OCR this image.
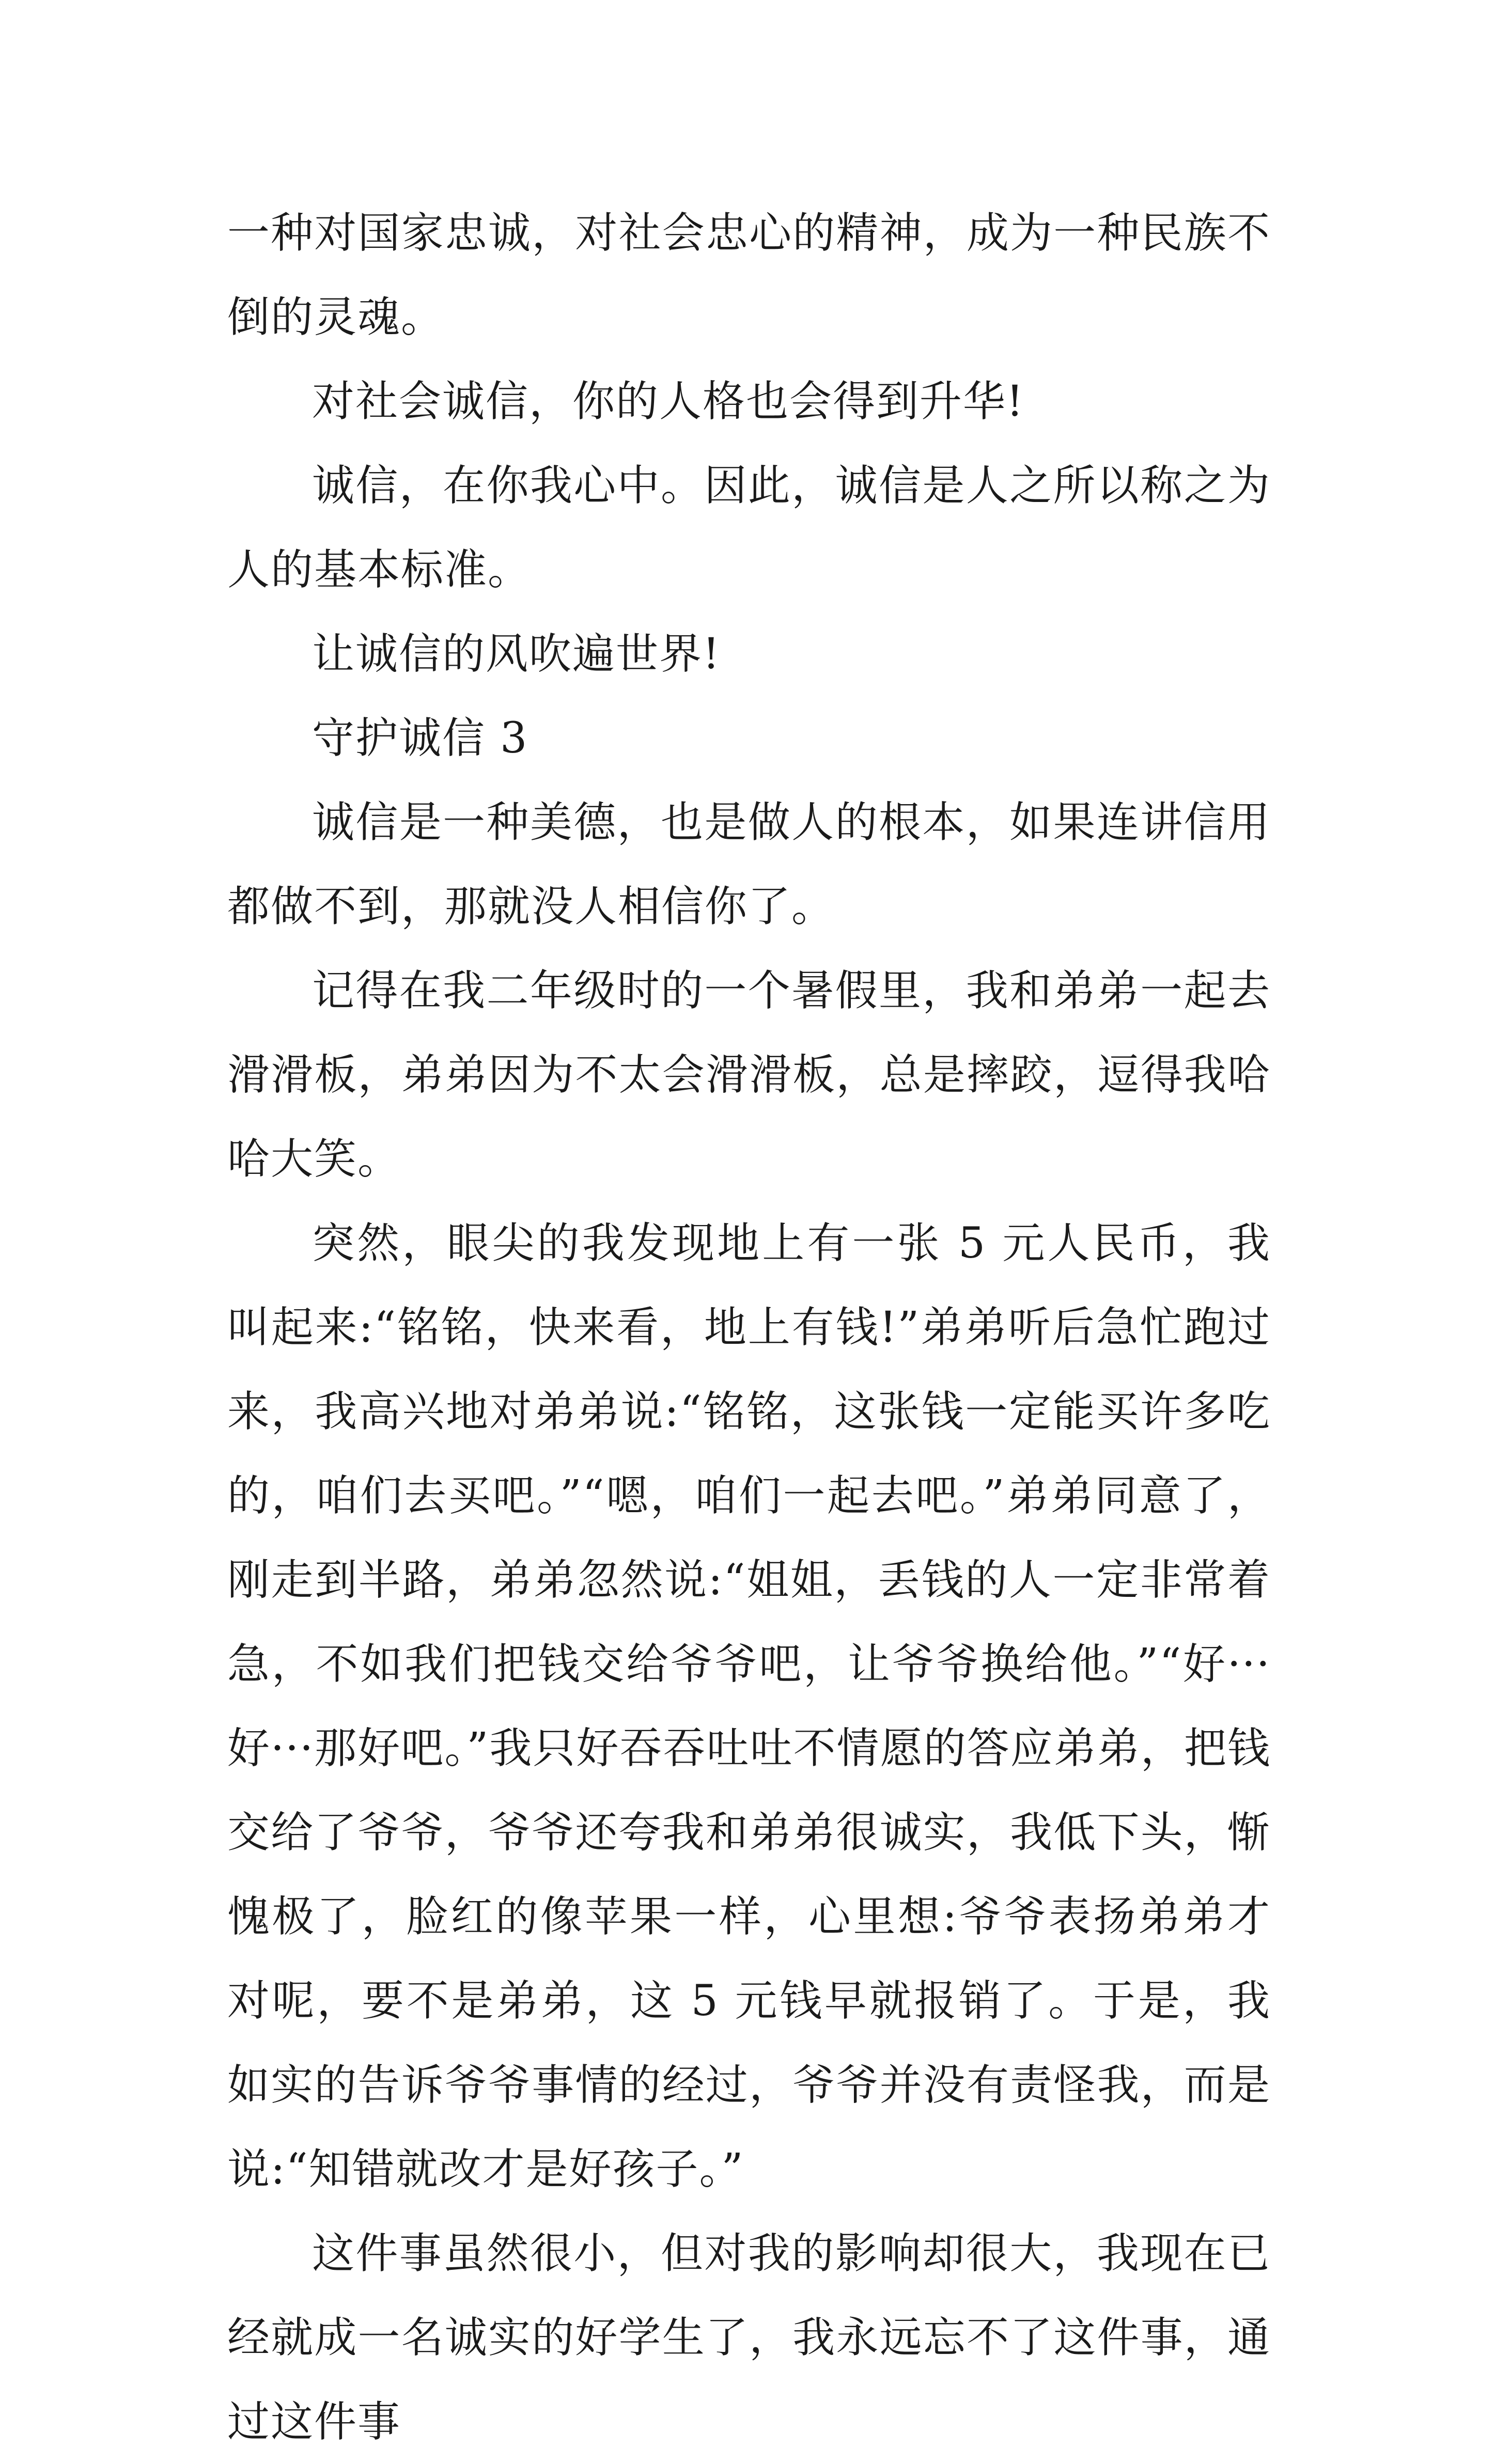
一种对国家忠诚，对社会忠心的精神，成为一种民族不倒的灵魂。

对社会诚信，你的人格也会得到升华!

诚信，在你我心中。因此，诚信是人之所以称之为人的基本标准。

让诚信的风吹遍世界!

守护诚信 3

诚信是一种美德，也是做人的根本，如果连讲信用都做不到，那就没人相信你了。

记得在我二年级时的一个暑假里，我和弟弟一起去滑滑板，弟弟因为不太会滑滑板，总是摔跤，逗得我哈哈大笑。

突然，眼尖的我发现地上有一张 5 元人民币，我叫起来:“铭铭，快来看，地上有钱!”弟弟听后急忙跑过来，我高兴地对弟弟说:“铭铭，这张钱一定能买许多吃的，咱们去买吧。”“嗯，咱们一起去吧。”弟弟同意了，刚走到半路，弟弟忽然说:“姐姐，丢钱的人一定非常着急，不如我们把钱交给爷爷吧，让爷爷换给他。”“好···好···那好吧。”我只好吞吞吐吐不情愿的答应弟弟，把钱交给了爷爷，爷爷还夸我和弟弟很诚实，我低下头，惭愧极了，脸红的像苹果一样，心里想:爷爷表扬弟弟才对呢，要不是弟弟，这 5 元钱早就报销了。于是，我如实的告诉爷爷事情的经过，爷爷并没有责怪我，而是说:“知错就改才是好孩子。”

这件事虽然很小，但对我的影响却很大，我现在已经就成一名诚实的好学生了，我永远忘不了这件事，通过这件事
